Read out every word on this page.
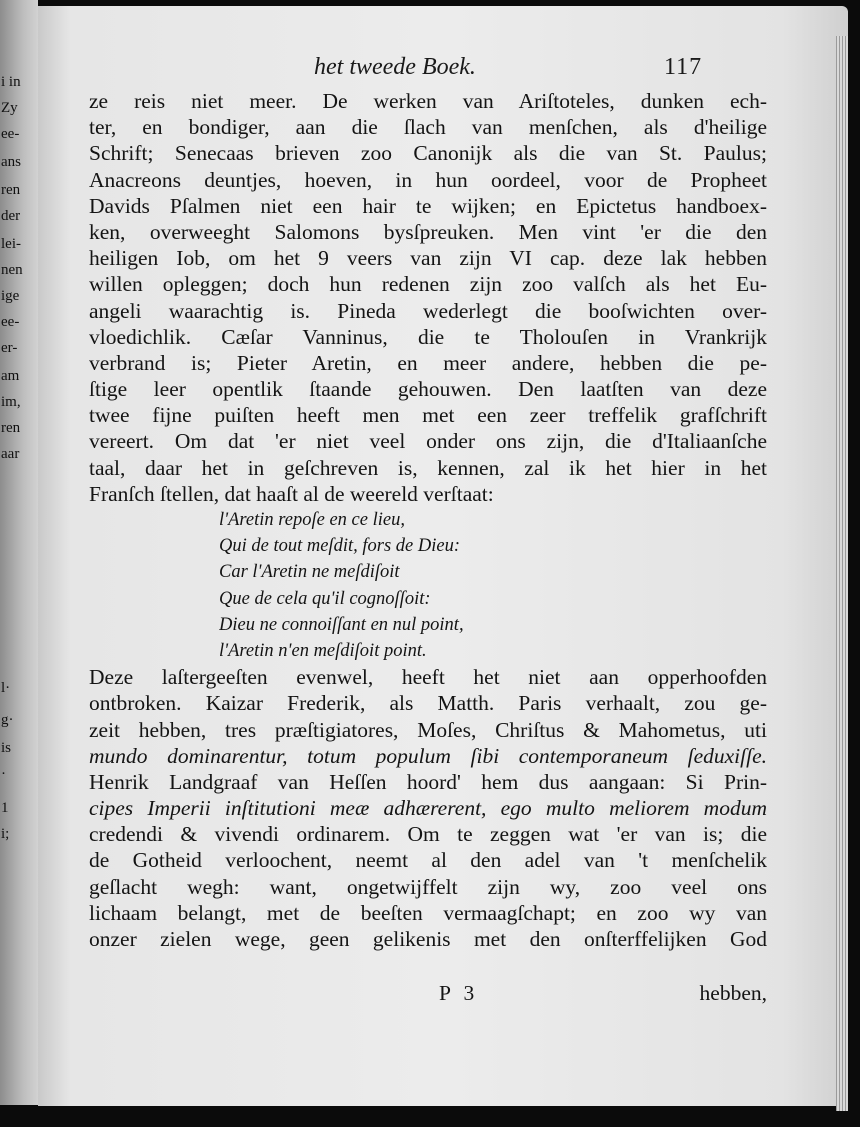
i in
Zy
ee-
ans
ren
der
lei-
nen
ige
ee-
er-
am
im,
ren
aar
l·
g·
is
·
1
i;
het tweede Boek.	117
ze reis niet meer. De werken van Ariſtoteles, dunken ech-
ter, en bondiger, aan die ſlach van menſchen, als d'heilige
Schrift; Senecaas brieven zoo Canonijk als die van St. Paulus;
Anacreons deuntjes, hoeven, in hun oordeel, voor de Propheet
Davids Pſalmen niet een hair te wijken; en Epictetus handboex-
ken, overweeght Salomons bysſpreuken. Men vint 'er die den
heiligen Iob, om het 9 veers van zijn VI cap. deze lak hebben
willen opleggen; doch hun redenen zijn zoo valſch als het Eu-
angeli waarachtig is. Pineda wederlegt die booſwichten over-
vloedichlik. Cæſar Vanninus, die te Tholouſen in Vrankrijk
verbrand is; Pieter Aretin, en meer andere, hebben die pe-
ſtige leer opentlik ſtaande gehouwen. Den laatſten van deze
twee fijne puiſten heeft men met een zeer treffelik grafſchrift
vereert. Om dat 'er niet veel onder ons zijn, die d'Italiaanſche
taal, daar het in geſchreven is, kennen, zal ik het hier in het
Franſch ſtellen, dat haaſt al de weereld verſtaat:
l'Aretin repoſe en ce lieu,
Qui de tout meſdit, fors de Dieu:
Car l'Aretin ne meſdiſoit
Que de cela qu'il cognoſſoit:
Dieu ne connoiſſant en nul point,
l'Aretin n'en meſdiſoit point.
Deze laſtergeeſten evenwel, heeft het niet aan opperhoofden
ontbroken. Kaizar Frederik, als Matth. Paris verhaalt, zou ge-
zeit hebben, tres præſtigiatores, Moſes, Chriſtus & Mahometus, uti
mundo dominarentur, totum populum ſibi contemporaneum ſeduxiſſe.
Henrik Landgraaf van Heſſen hoord' hem dus aangaan: Si Prin-
cipes Imperii inſtitutioni meæ adhærerent, ego multo meliorem modum
credendi & vivendi ordinarem. Om te zeggen wat 'er van is; die
de Gotheid verloochent, neemt al den adel van 't menſchelik
geſlacht wegh: want, ongetwijffelt zijn wy, zoo veel ons
lichaam belangt, met de beeſten vermaagſchapt; en zoo wy van
onzer zielen wege, geen gelikenis met den onſterffelijken God
P 3	hebben,
